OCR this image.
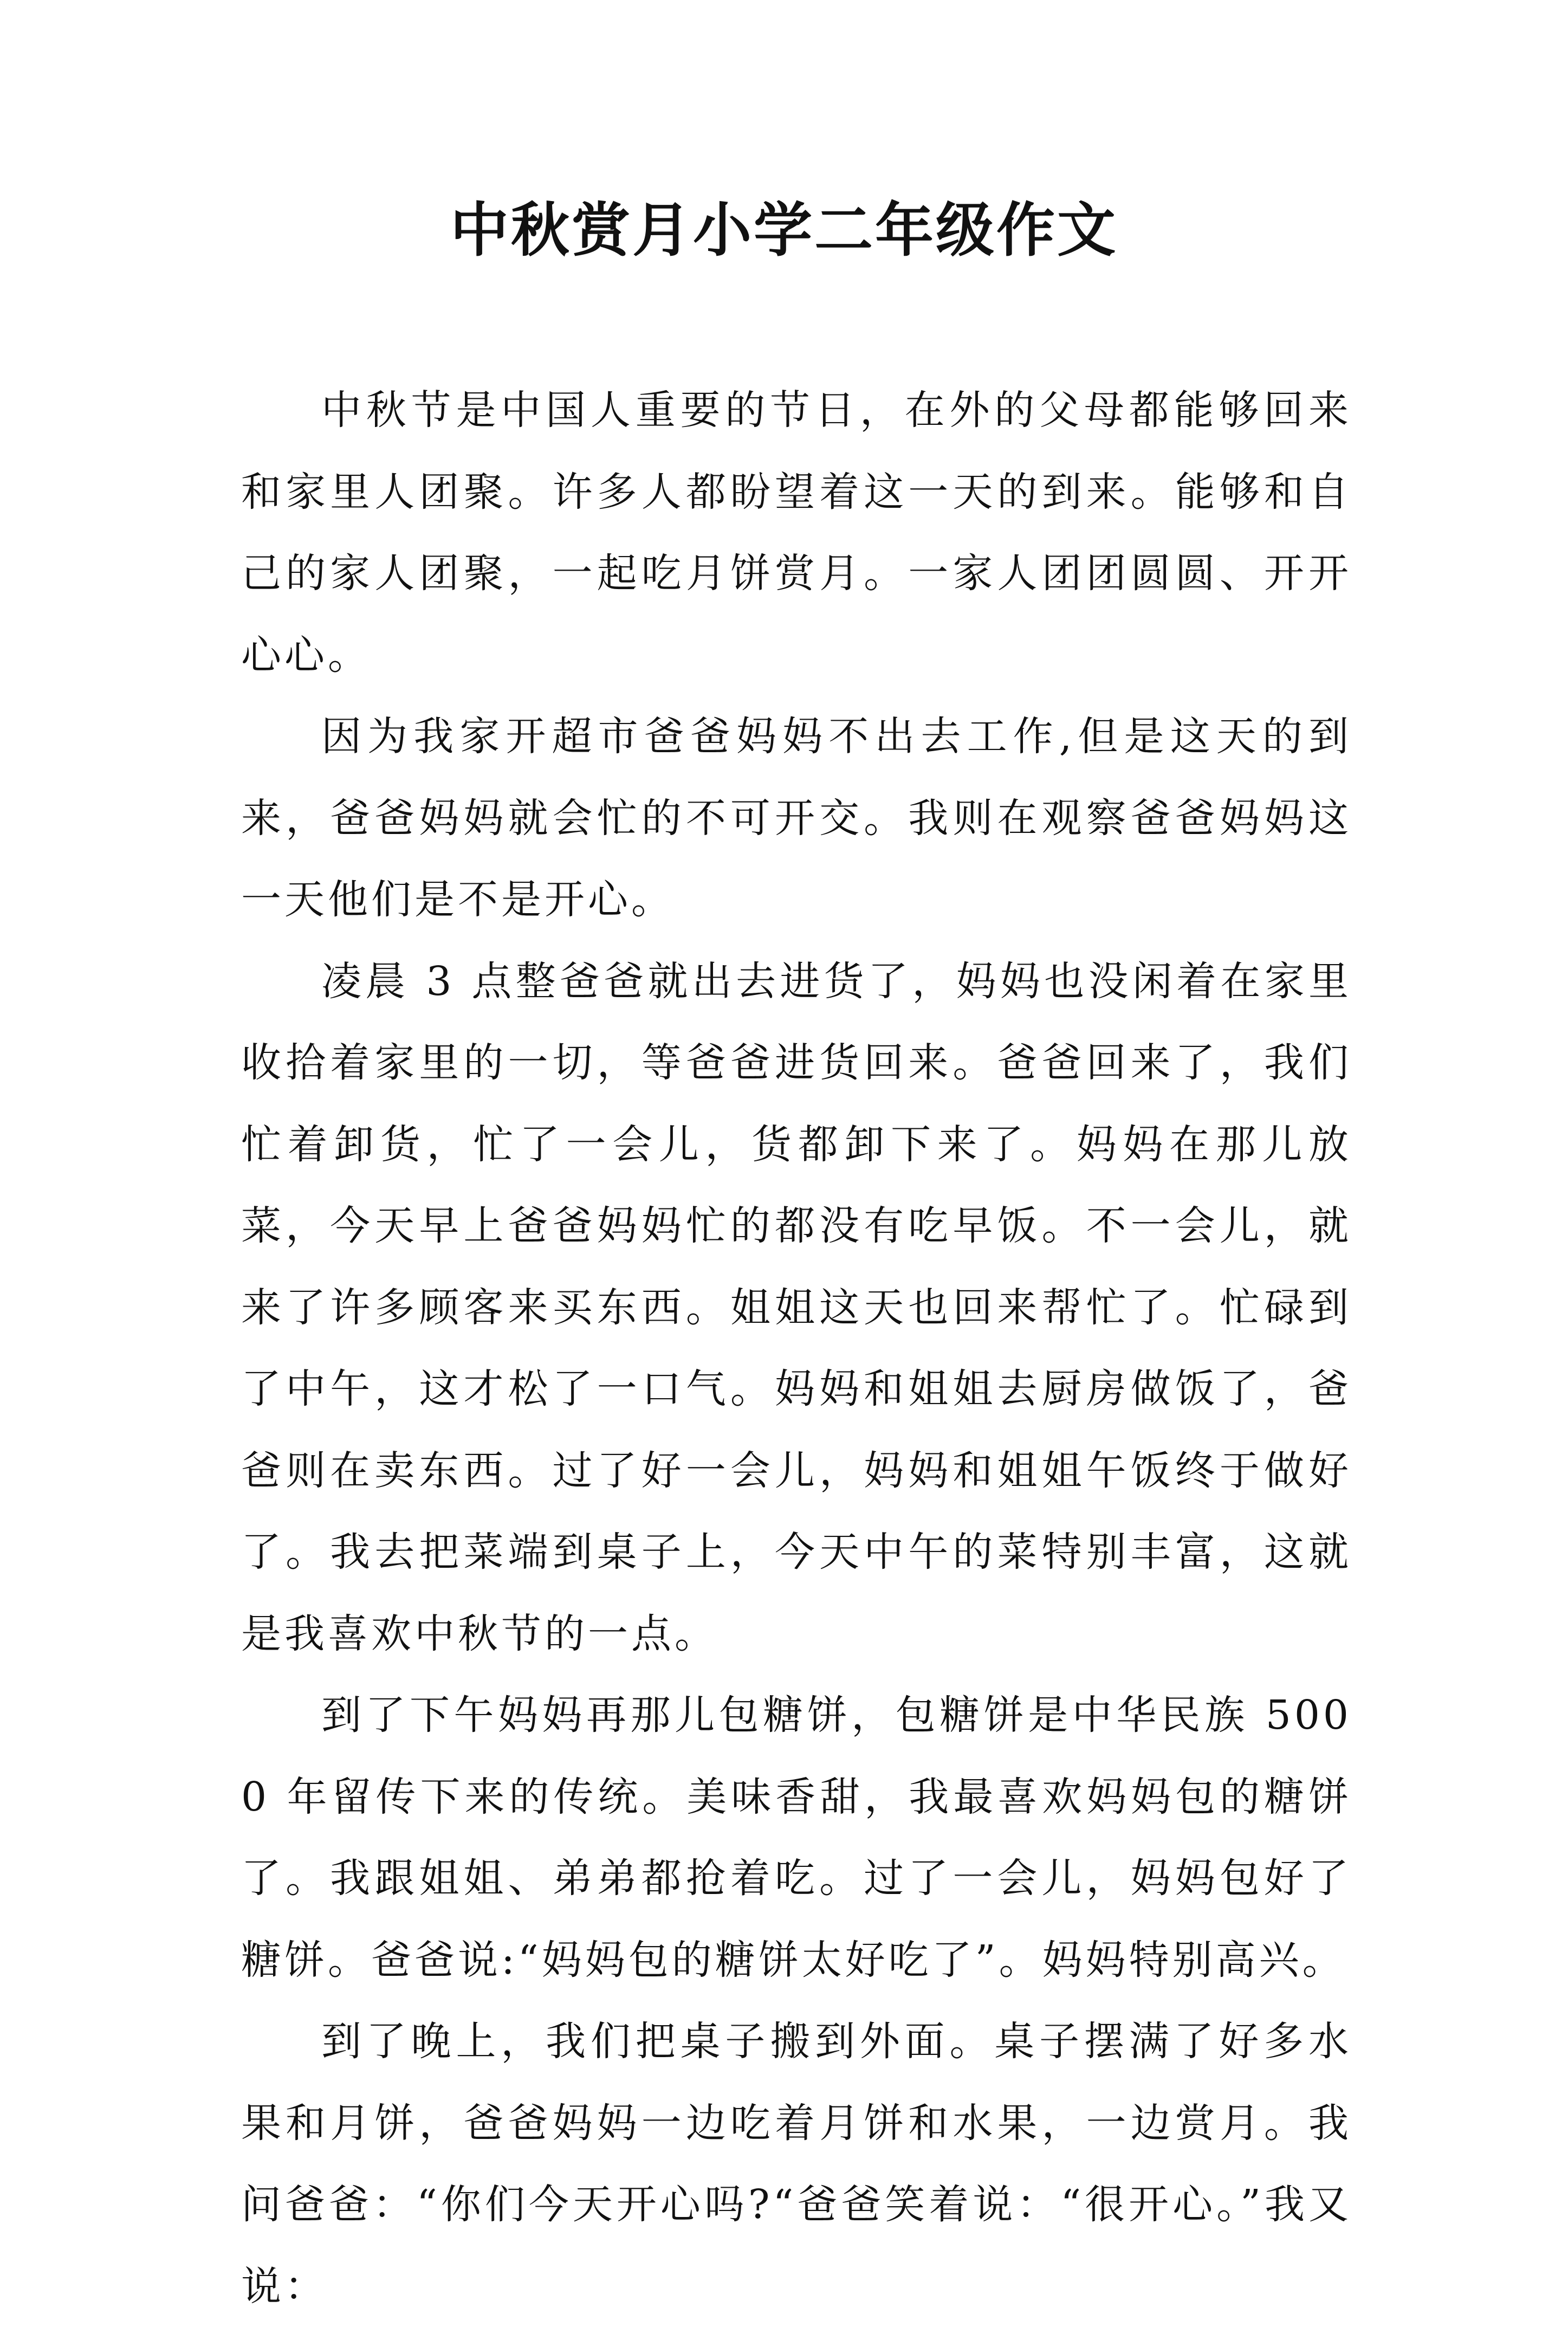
中秋赏月小学二年级作文

中秋节是中国人重要的节日，在外的父母都能够回来和家里人团聚。许多人都盼望着这一天的到来。能够和自己的家人团聚，一起吃月饼赏月。一家人团团圆圆、开开心心。

因为我家开超市爸爸妈妈不出去工作,但是这天的到来，爸爸妈妈就会忙的不可开交。我则在观察爸爸妈妈这一天他们是不是开心。

凌晨 3 点整爸爸就出去进货了，妈妈也没闲着在家里收拾着家里的一切，等爸爸进货回来。爸爸回来了，我们忙着卸货，忙了一会儿，货都卸下来了。妈妈在那儿放菜，今天早上爸爸妈妈忙的都没有吃早饭。不一会儿，就来了许多顾客来买东西。姐姐这天也回来帮忙了。忙碌到了中午，这才松了一口气。妈妈和姐姐去厨房做饭了，爸爸则在卖东西。过了好一会儿，妈妈和姐姐午饭终于做好了。我去把菜端到桌子上，今天中午的菜特别丰富，这就是我喜欢中秋节的一点。

到了下午妈妈再那儿包糖饼，包糖饼是中华民族 5000 年留传下来的传统。美味香甜，我最喜欢妈妈包的糖饼了。我跟姐姐、弟弟都抢着吃。过了一会儿，妈妈包好了糖饼。爸爸说:“妈妈包的糖饼太好吃了”。妈妈特别高兴。

到了晚上，我们把桌子搬到外面。桌子摆满了好多水果和月饼，爸爸妈妈一边吃着月饼和水果，一边赏月。我问爸爸：“你们今天开心吗?“爸爸笑着说：“很开心。”我又说：
